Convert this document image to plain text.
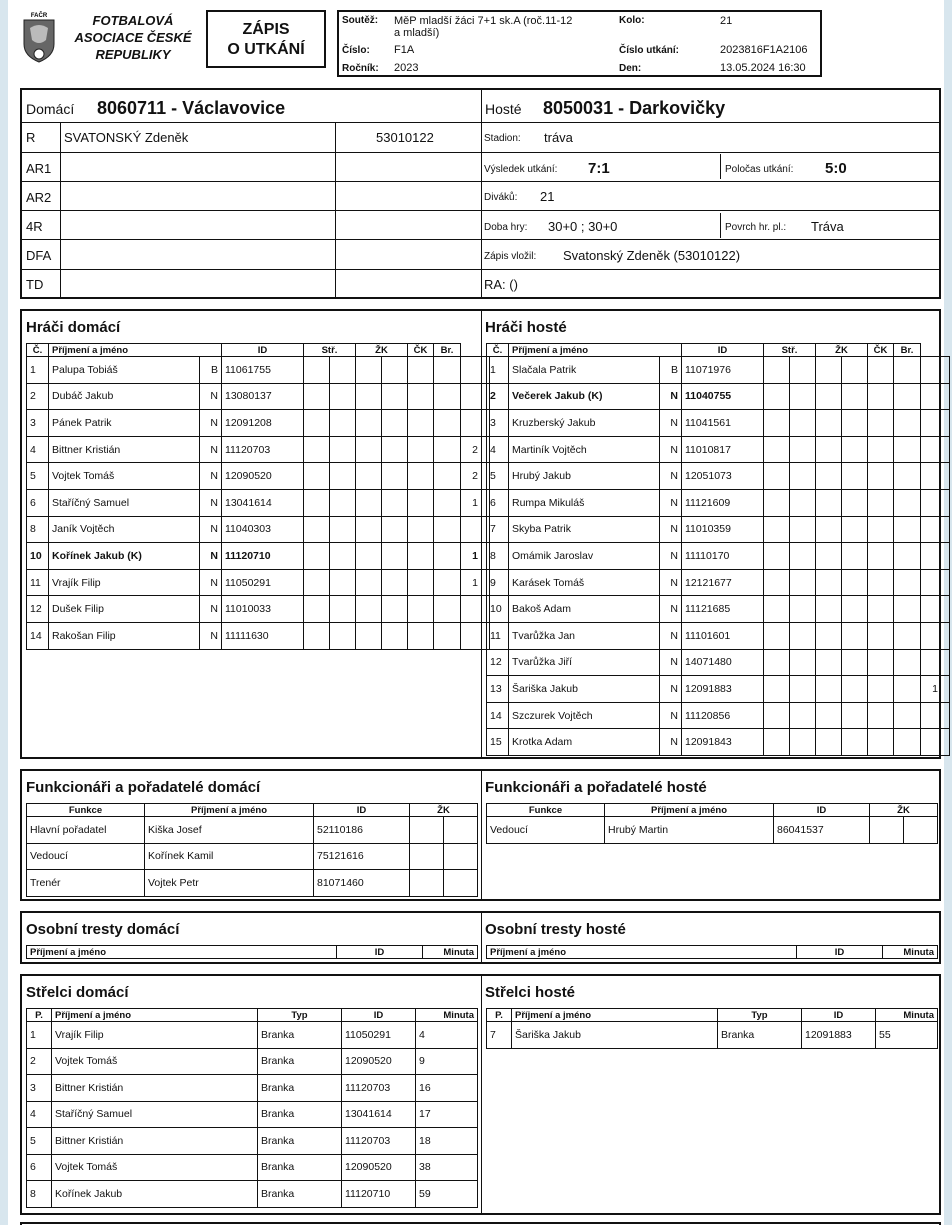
FAČR	FOTBALOVÁ
ASOCIACE ČESKÉ
REPUBLIKY
ZÁPIS
O UTKÁNÍ
Soutěž: MěP mladší žáci 7+1 sk.A (roč.11-12
a mladší)
Číslo: F1A
Ročník: 2023
Kolo:	21
Číslo utkání:	2023816F1A2106
Den:	13.05.2024 16:30
Domácí 8060711 - Václavovice	Hosté 8050031 - Darkovičky
R SVATONSKÝ Zdeněk	53010122
AR1
AR2
4R
DFA
TD
Stadion: tráva
Výsledek utkání: 7:1	Poločas utkání: 5:0
Diváků: 21
Doba hry: 30+0 ; 30+0	Povrch hr. pl.: Tráva
Zápis vložil: Svatonský Zdeněk (53010122)
RA: ()
Hráči domácí	Hráči hosté
Č.	Příjmení a jméno		ID	Stř.		ŽK		ČK	Br.	
1	Palupa Tobiáš	B	11061755							
2	Dubáč Jakub	N	13080137							
3	Pánek Patrik	N	12091208							
4	Bittner Kristián	N	11120703							2
5	Vojtek Tomáš	N	12090520							2
6	Staříčný Samuel	N	13041614							1
8	Janík Vojtěch	N	11040303							
10	Kořínek Jakub (K)	N	11120710							1
11	Vrajík Filip	N	11050291							1
12	Dušek Filip	N	11010033							
14	Rakošan Filip	N	11111630							
Č.	Příjmení a jméno		ID	Stř.		ŽK		ČK	Br.	
1	Slačala Patrik	B	11071976							
2	Večerek Jakub (K)	N	11040755							
3	Kruzberský Jakub	N	11041561							
4	Martiník Vojtěch	N	11010817							
5	Hrubý Jakub	N	12051073							
6	Rumpa Mikuláš	N	11121609							
7	Skyba Patrik	N	11010359							
8	Omámik Jaroslav	N	11110170							
9	Karásek Tomáš	N	12121677							
10	Bakoš Adam	N	11121685							
11	Tvarůžka Jan	N	11101601							
12	Tvarůžka Jiří	N	14071480							
13	Šariška Jakub	N	12091883							1
14	Szczurek Vojtěch	N	11120856							
15	Krotka Adam	N	12091843							
Funkcionáři a pořadatelé domácí	Funkcionáři a pořadatelé hosté
Funkce	Příjmení a jméno	ID	ŽK	
Hlavní pořadatel	Kiška Josef	52110186		
Vedoucí	Kořínek Kamil	75121616		
Trenér	Vojtek Petr	81071460		
Funkce	Příjmení a jméno	ID	ŽK	
Vedoucí	Hrubý Martin	86041537		
Osobní tresty domácí	Osobní tresty hosté
Příjmení a jméno	ID	Minuta Příjmení a jméno	ID	Minuta
Střelci domácí	Střelci hosté
P.	Příjmení a jméno	Typ	ID	Minuta
1	Vrajík Filip	Branka	11050291	4
2	Vojtek Tomáš	Branka	12090520	9
3	Bittner Kristián	Branka	11120703	16
4	Staříčný Samuel	Branka	13041614	17
5	Bittner Kristián	Branka	11120703	18
6	Vojtek Tomáš	Branka	12090520	38
8	Kořínek Jakub	Branka	11120710	59
P.	Příjmení a jméno	Typ	ID	Minuta
7	Šariška Jakub	Branka	12091883	55
